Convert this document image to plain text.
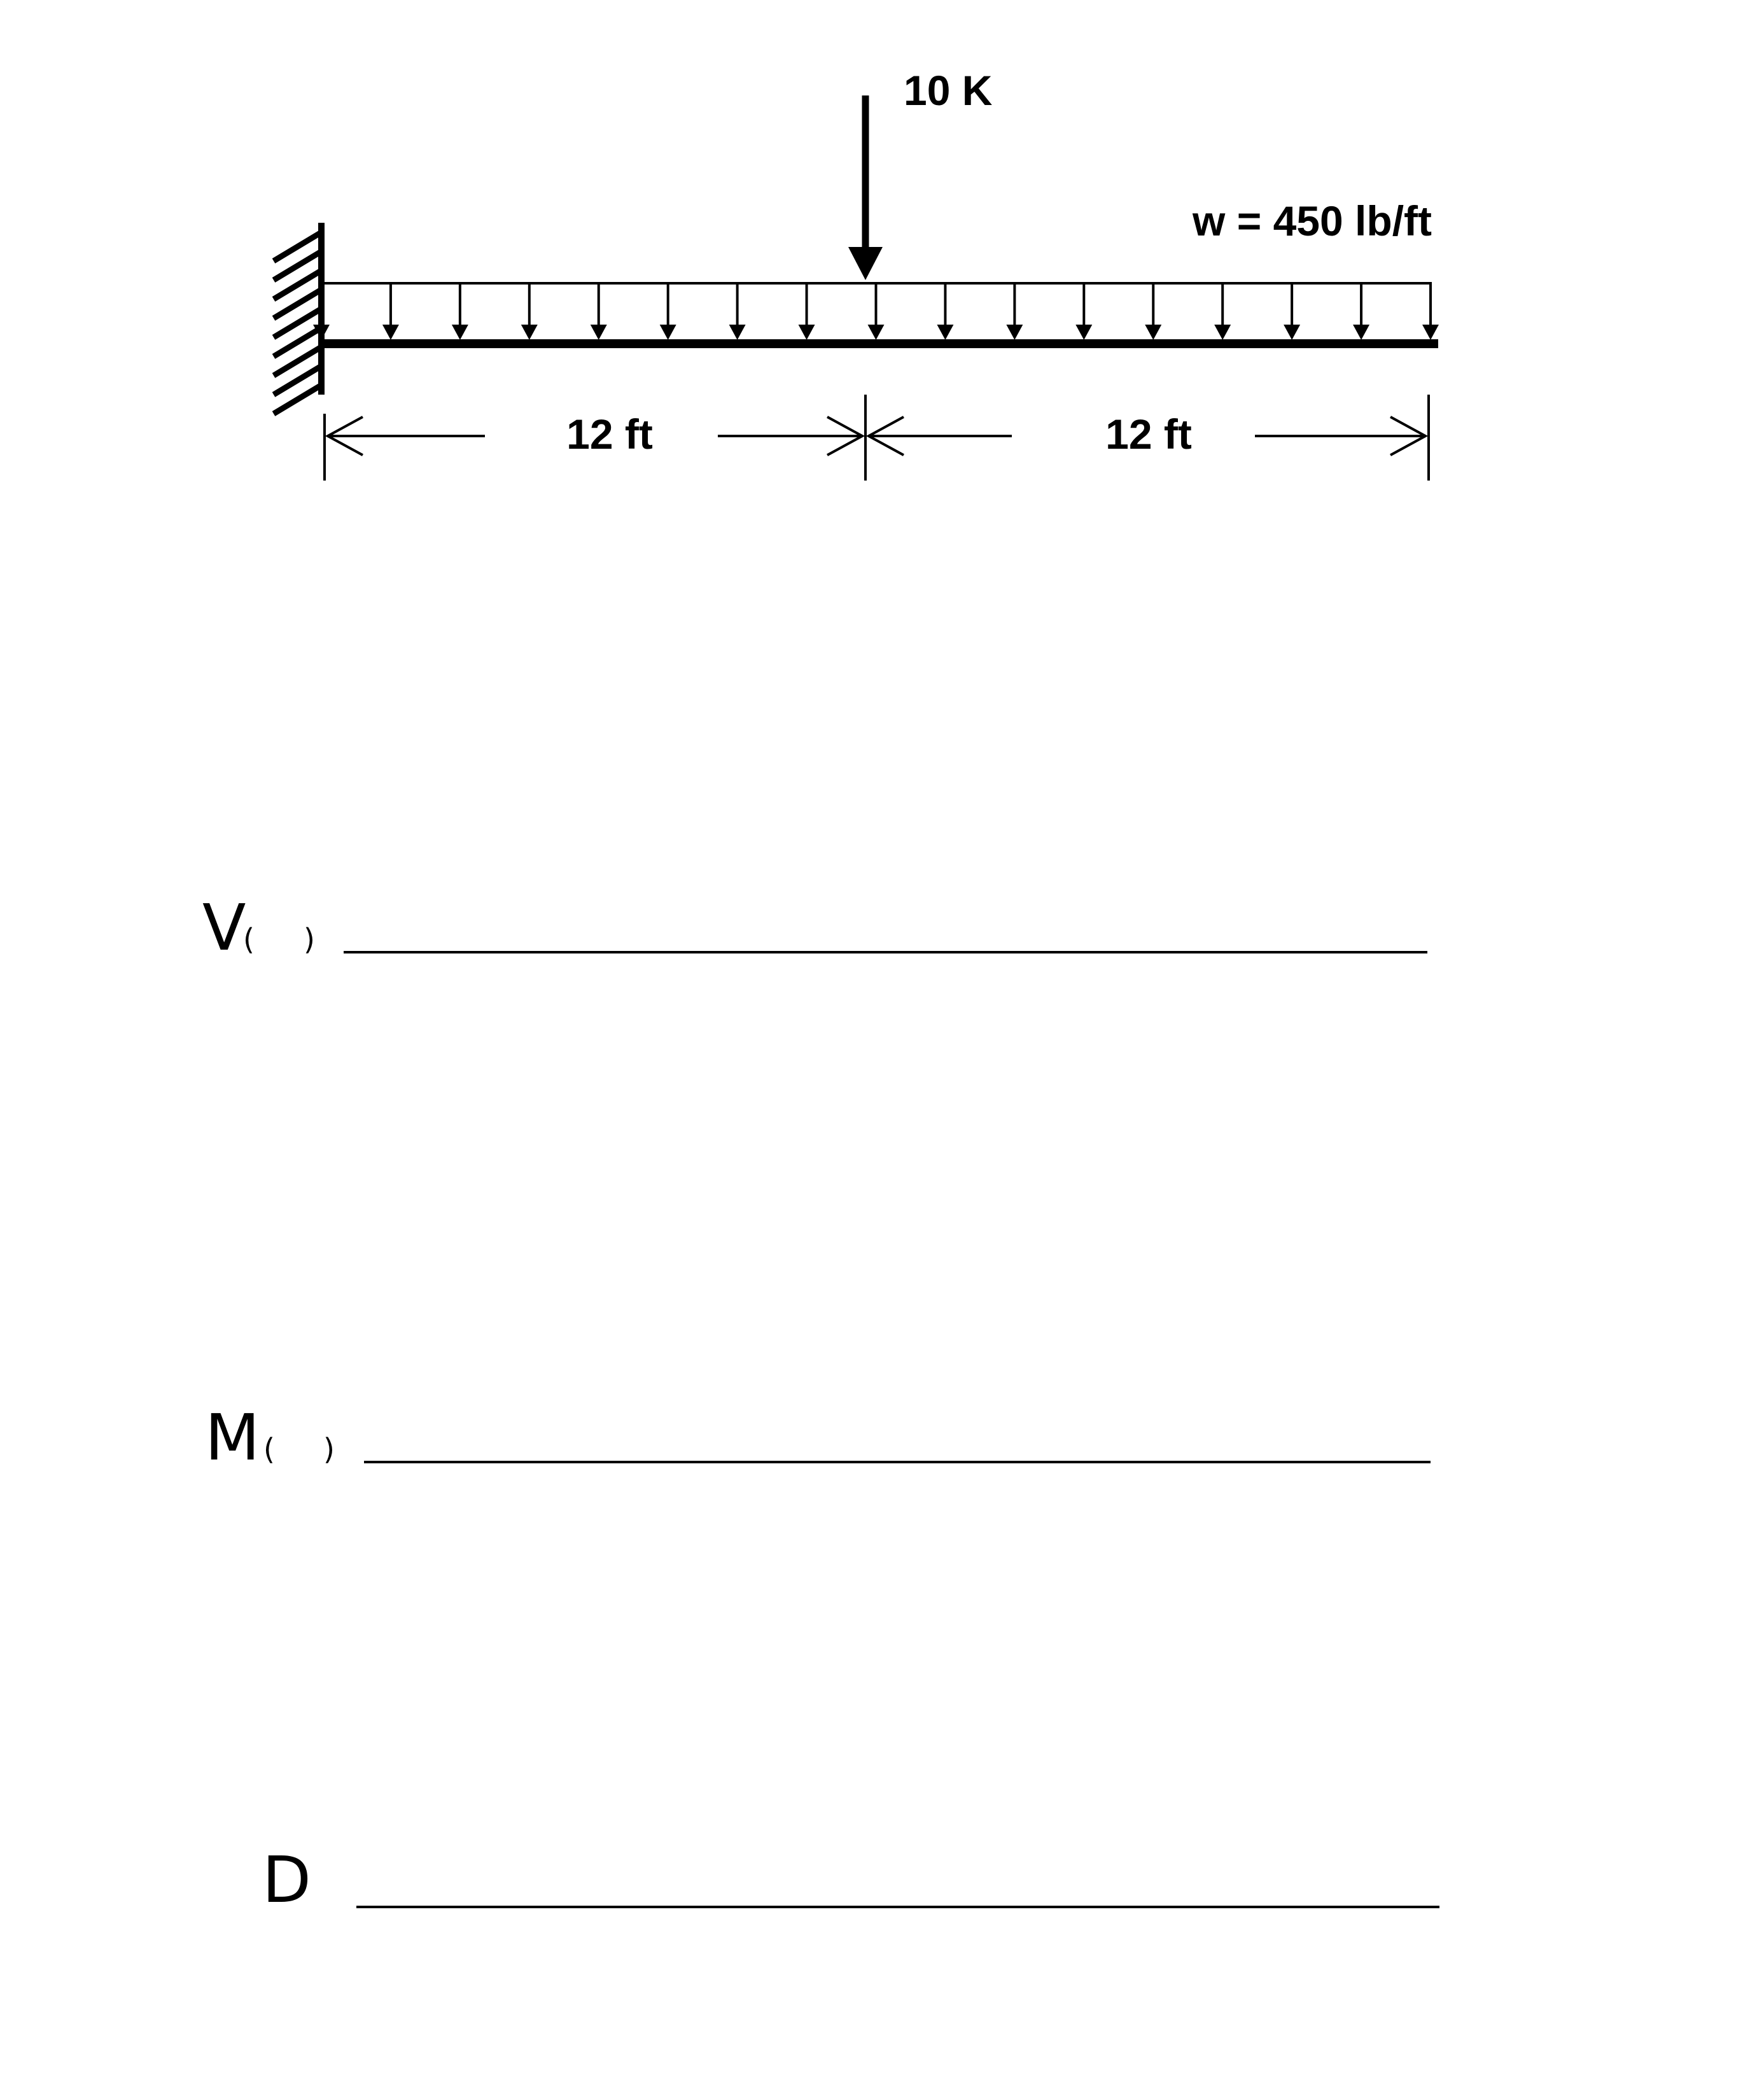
10 K
w = 450 lb/ft
12 ft	12 ft
V
( )
M ( )
D
